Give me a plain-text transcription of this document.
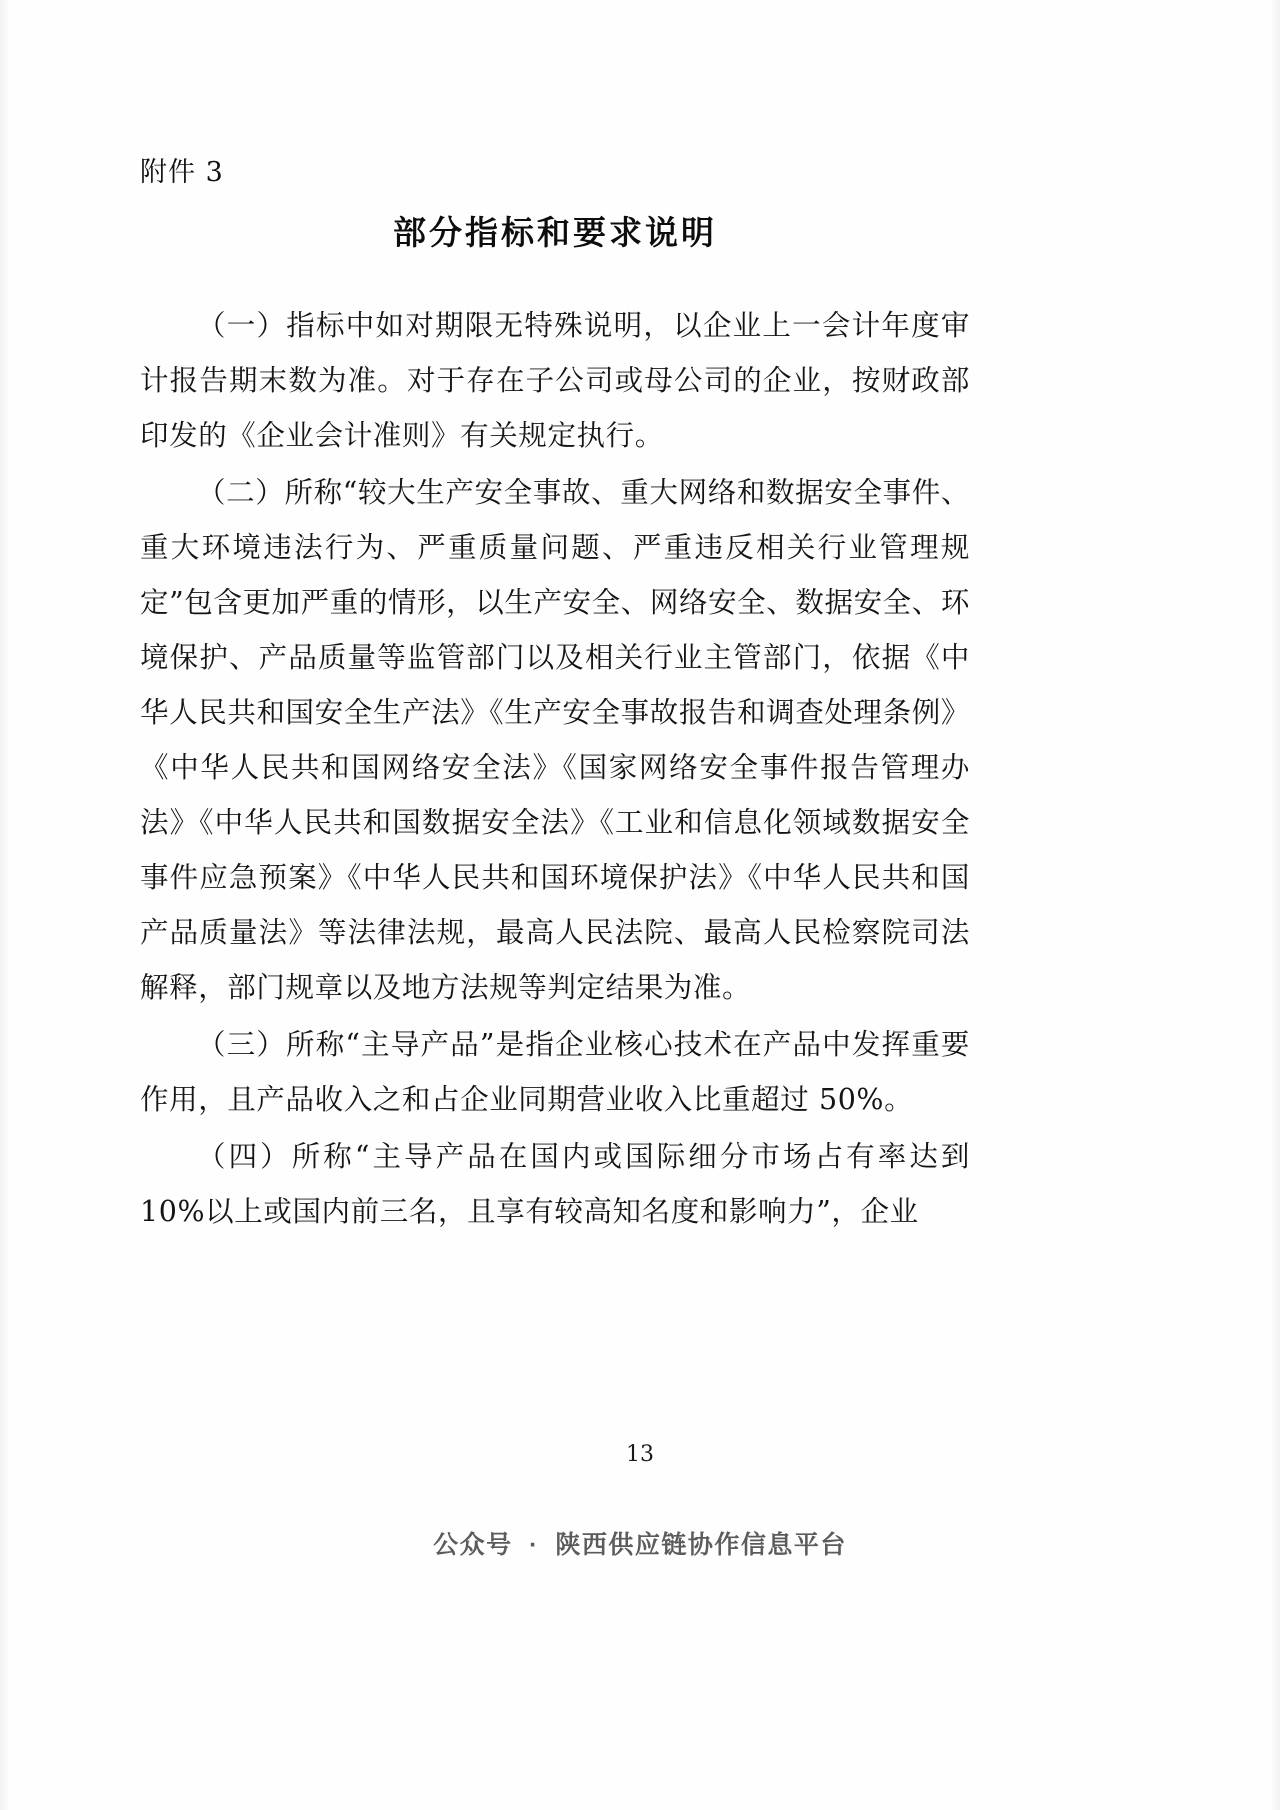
附件 3
部分指标和要求说明

（一）指标中如对期限无特殊说明，以企业上一会计年度审计报告期末数为准。对于存在子公司或母公司的企业，按财政部印发的《企业会计准则》有关规定执行。

（二）所称“较大生产安全事故、重大网络和数据安全事件、重大环境违法行为、严重质量问题、严重违反相关行业管理规定”包含更加严重的情形，以生产安全、网络安全、数据安全、环境保护、产品质量等监管部门以及相关行业主管部门，依据《中华人民共和国安全生产法》《生产安全事故报告和调查处理条例》《中华人民共和国网络安全法》《国家网络安全事件报告管理办法》《中华人民共和国数据安全法》《工业和信息化领域数据安全事件应急预案》《中华人民共和国环境保护法》《中华人民共和国产品质量法》等法律法规，最高人民法院、最高人民检察院司法解释，部门规章以及地方法规等判定结果为准。

（三）所称“主导产品”是指企业核心技术在产品中发挥重要作用，且产品收入之和占企业同期营业收入比重超过 50%。

（四）所称“主导产品在国内或国际细分市场占有率达到 10%以上或国内前三名，且享有较高知名度和影响力”，企业

13
公众号 · 陕西供应链协作信息平台
